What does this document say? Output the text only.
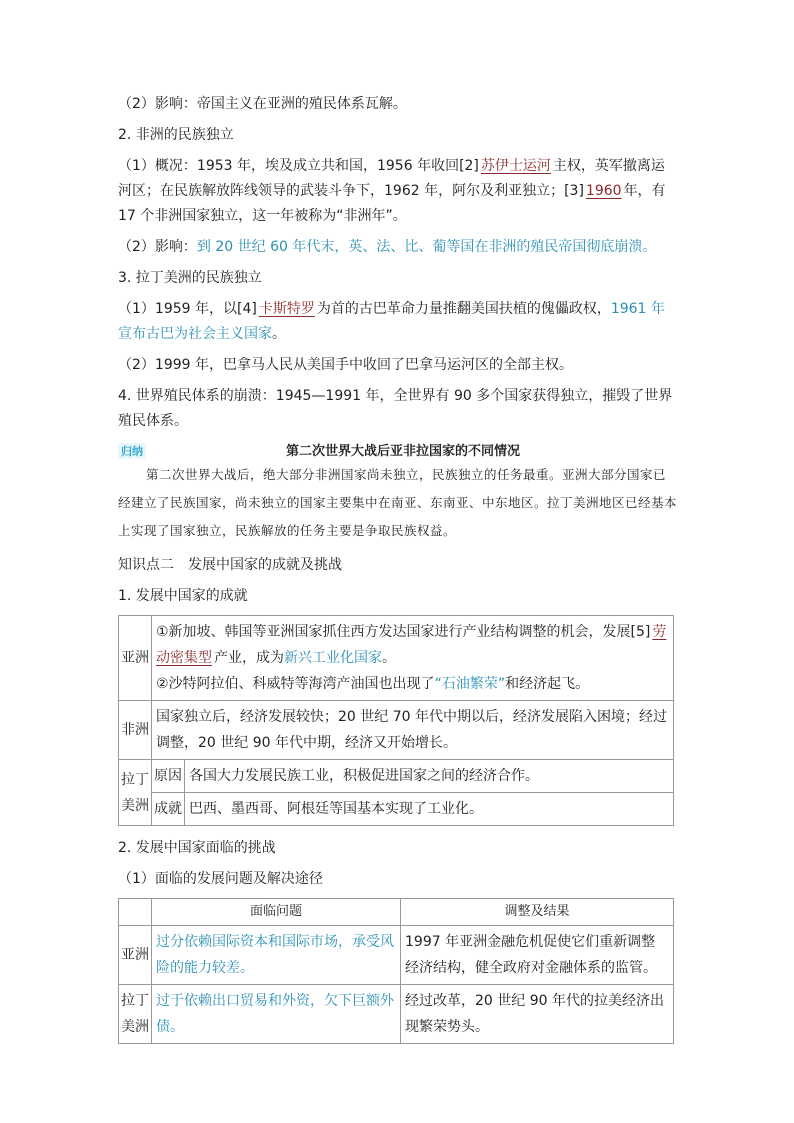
（2）影响：帝国主义在亚洲的殖民体系瓦解。

2. 非洲的民族独立

（1）概况：1953 年，埃及成立共和国，1956 年收回[2] 苏伊士运河 主权，英军撤离运河区；在民族解放阵线领导的武装斗争下，1962 年，阿尔及利亚独立；[3] 1960 年，有 17 个非洲国家独立，这一年被称为“非洲年”。

（2）影响：到 20 世纪 60 年代末，英、法、比、葡等国在非洲的殖民帝国彻底崩溃。

3. 拉丁美洲的民族独立

（1）1959 年，以[4] 卡斯特罗 为首的古巴革命力量推翻美国扶植的傀儡政权，1961 年宣布古巴为社会主义国家。

（2）1999 年，巴拿马人民从美国手中收回了巴拿马运河区的全部主权。

4. 世界殖民体系的崩溃：1945—1991 年，全世界有 90 多个国家获得独立，摧毁了世界殖民体系。

归纳	第二次世界大战后亚非拉国家的不同情况

第二次世界大战后，绝大部分非洲国家尚未独立，民族独立的任务最重。亚洲大部分国家已经建立了民族国家，尚未独立的国家主要集中在南亚、东南亚、中东地区。拉丁美洲地区已经基本上实现了国家独立，民族解放的任务主要是争取民族权益。

知识点二　发展中国家的成就及挑战

1. 发展中国家的成就

亚洲	①新加坡、韩国等亚洲国家抓住西方发达国家进行产业结构调整的机会，发展[5] 劳动密集型 产业，成为新兴工业化国家。
②沙特阿拉伯、科威特等海湾产油国也出现了“石油繁荣”和经济起飞。	

非洲	国家独立后，经济发展较快；20 世纪 70 年代中期以后，经济发展陷入困境；经过调整，20 世纪 90 年代中期，经济又开始增长。	
拉丁
美洲	原因	各国大力发展民族工业，积极促进国家之间的经济合作。
	成就	巴西、墨西哥、阿根廷等国基本实现了工业化。

2. 发展中国家面临的挑战

（1）面临的发展问题及解决途径

	面临问题	调整及结果
亚洲	过分依赖国际资本和国际市场，承受风险的能力较差。	1997 年亚洲金融危机促使它们重新调整经济结构，健全政府对金融体系的监管。
拉丁
美洲	过于依赖出口贸易和外资，欠下巨额外债。	经过改革，20 世纪 90 年代的拉美经济出现繁荣势头。
